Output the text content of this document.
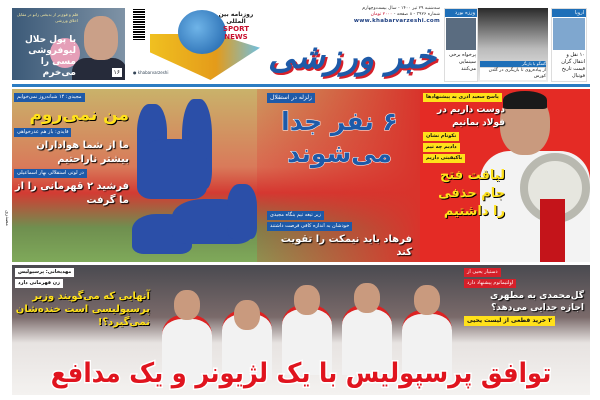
قلم و قوی‌تر از بدبختی زانو در مقابل اخلاق ورزشی
با پول حلال لیوفروشی مسی را می‌خرم	۱۶	● khabarvarzeshi
روزنامه بین المللی
SPORT NEWS
سه‌شنبه ۲۹ تیر ۱۴۰۰ - سال بیست‌وچهارم
شماره ۳۹۲۶ - ۸ صفحه - ۲۰۰۰ تومان
www.khabarvarzeshi.com
خبر ورزشی
ورزه بورد
پرخواه برخی سینمایی می‌کنند
گفتگو با بازیگر
از پیاده‌روی تا بازیگری در گلدن کورس
اروپا
۱۰ نقل و انتقال گران قیمت تاریخ فوتبال
مجیدی: ۱۴ شبانه‌روز نمی‌خوابم
من نمی‌روم
قایدی: باز هم عذرخواهی
ما از شما هواداران بیشتر ناراحتیم
در لوتی استقلالی بهار اسماعیلی
فرشید ۲ قهرمانی را از ما گرفت
زلزله در استقلال
۶ نفر جدا می‌شوند
زیر تیغه تیم بنگاه مجیدی
خودشان به اندازه کافی فرصت داشتند
فرهاد باید نیمکت را تقویت کند
پاسخ سعید اذری به پیشنهادها
دوست داریم در فولاد بمانیم
نکونام نشان
دادیم چه تیم
باکیفیتی داریم
لیاقت فتح جام حذفی را داشتیم
مهدیخانی: پرسپولیس
زن قهرمانی دارد
آنهایی که می‌گویند وزیر پرسپولیسی است خنده‌شان نمی‌گیرد؟!
دستیار یحیی از
اولتیماتوم پیشنهاد دارد
گل‌محمدی به مطهری اجازه جدایی می‌دهد؟
۲ خرید قطعی از لیست یحیی
توافق پرسپولیس با یک لژیونر و یک مدافع
مصدری
